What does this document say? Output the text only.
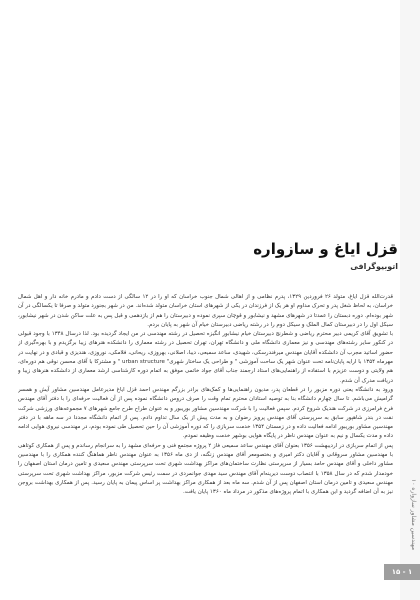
قزل ایاغ و سازواره
اتوبیوگرافی

قدرت‌الله قزل ایاغ، متولد ۲۶ فروردین ۱۳۲۹، پدرم نظامی و از اهالی شمال جنوب خراسان که او را در ۱۲ سالگی از دست دادم و مادرم خانه دار و اهل شمال خراسان، به لحاظ شغل پدر و تحرک مداوم او هر یک از فرزندان در یکی از شهرهای استان خراسان متولد شده‌اند. من در شهر بجنورد متولد و صرفا تا یکسالگی در آن شهر بوده‌ام. دوره دبستان را عمدتا در شهرهای مشهد و نیشابور و قوچان سپری نموده و دبیرستان را هم از یازدهمی و قبل پس به علت ساکن شدن در شهر نیشابور، سیکل اول را در دبیرستان کمال الملک و سیکل دوم را در رشته ریاضی دبیرستان خیام آن شهر به پایان بردم.

با تشویق آقای کریمی دبیر محترم ریاضی و شطرنج دبیرستان خیام نیشابور انگیزه تحصیل در رشته مهندسی در من ایجاد گردیده بود. لذا درسال ۱۳۴۸ با وجود قبولی در کنکور سایر رشته‌های مهندسی و نیز معماری دانشگاه ملی و دانشگاه تهران، تهران تحصیل در رشته معماری را دانشکده هنرهای زیبا برگزیدم و با بهره‌گیری از حضور اساتید مجرب آن دانشکده آقایان مهندس میرفندرسکی، شهیدی، ساعد سمیعی، دیبا، اصلانی، بهروزی، ریحانی، فلامکی، نوروزی، هندیزی و قبادی و در نهایت در مهرماه ۱۳۵۴ با ارایه پایان‌نامه تحت عنوان شهر یک ساحت آموزشی " و طراحی یک ساختار شهری" urban structure " و مشترکا با آقای محسن نوقی هم دوره‌ای، هم ولایتی و دوست عزیزم با استفاده از راهنمایی‌های استاد ارجمند جناب آقای جواد خاتمی موفق به اتمام دوره کارشناسی ارشد معماری از دانشکده هنرهای زیبا و دریافت مدرک آن شدم.

ورود به دانشگاه یعنی دوره مزبور را در قطعان پدر، مدیون راهنمایی‌ها و کمک‌های برادر بزرگم مهندس احمد قزل ایاغ مدیرعامل مهندسین مشاور آیش و همسر گرامیش می‌باشم. تا سال چهارم دانشگاه بنا به توصیه استادان محترم تمام وقت را صرف دروس دانشگاه نموده پس از آن فعالیت حرفه‌ای را با دفتر آقای مهندس فرخ فرامرزی در شرکت هندیک شروع کردم. سپس فعالیت را با شرکت مهندسین مشاور بوریبور و به عنوان طراح طرح جامع شهرهای ۷ مجموعه‌های ورزشی شرکت نفت در بندر شاهپور سابق به سرپرستی آقای مهندس پرویز رضوان و به مدت پیش از یک سال تداوم دادم. پس از اتمام دانشگاه مجددا در سه ماهه با در دفتر مهندسین مشاور بوریبور ادامه فعالیت داده و در زمستان ۱۳۵۴ خدمت سربازی را که دوره آموزشی آن را حین تحصیل طی نموده بودم، در مهندسی نیروی هوایی ادامه داده و مدت یکسال و نیم به عنوان مهندس ناظر در پایگاه هوایی بوشهر خدمت وظیفه نمودم.

پس از اتمام سربازی در اردیبهشت ۱۳۵۶ بعنوان آقای مهندس ساعد سمیعی فاز ۲ پروژه مجتمع فنی و حرفه‌ای مشهد را به سرانجام رساندم و پس از همکاری کوتاهی با مهندسین مشاور سروقانی و آقایان دکتر امیری و بختصومعر آقای مهندس زنگنه، از دی ماه ۱۳۵۶ به عنوان مهندس ناظر هماهنگ کننده همکاری را با مهندسین مشاور داخلی و آقای مهندس حامد بسیار از سرپرستی نظارت ساختمان‌های مراکز بهداشت شهری تحت سرپرستی مهندس سعیدی و تامین درمان استان اصفهان را خودمدار شدم که در سال ۱۳۵۸ با انتصاب دوست دیرینه‌ام آقای مهندس سید مهدی جوانمردی در سمت رئیس شرکت مزبور، مراکز بهداشت شهری تحت سرپرستی مهندس سعیدی و تامین درمان استان اصفهان پس از آن شدم. سه ماه بعد از همکاری مراکز بهداشت پر اساس پیمان به پایان رسید. پس از همکاری بهداشت بروجن نیز به آن اضافه گردید و این همکاری با اتمام پروژه‌های مذکور در مرداد ماه ۱۳۶۰ پایان یافت.

مهندسین مشاور سازواره ۱۰
۱۵ - ۱
